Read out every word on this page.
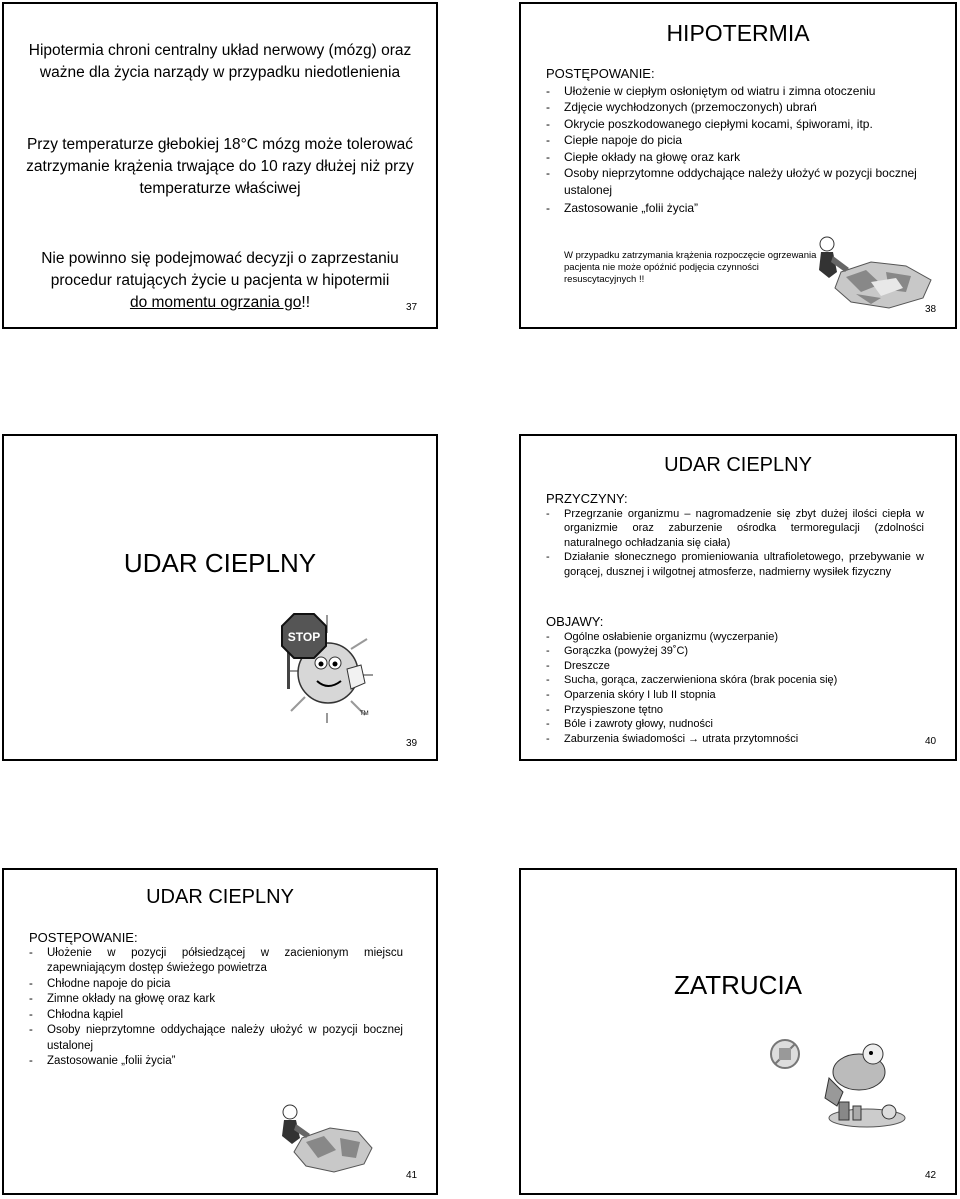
Hipotermia chroni centralny układ nerwowy (mózg) oraz
ważne dla życia narządy w przypadku niedotlenienia
Przy temperaturze głebokiej 18°C mózg może tolerować
zatrzymanie krążenia trwające do 10 razy dłużej niż przy
temperaturze właściwej
Nie powinno się podejmować decyzji o zaprzestaniu
procedur ratujących życie u pacjenta w hipotermii
do momentu ogrzania go!!	37
HIPOTERMIA
POSTĘPOWANIE:
- Ułożenie w ciepłym osłoniętym od wiatru i zimna otoczeniu
- Zdjęcie wychłodzonych (przemoczonych) ubrań
- Okrycie poszkodowanego ciepłymi kocami, śpiworami, itp.
- Ciepłe napoje do picia
- Ciepłe okłady na głowę oraz kark
- Osoby nieprzytomne oddychające należy ułożyć w pozycji bocznej ustalonej
- Zastosowanie „folii życia”
W przypadku zatrzymania krążenia rozpoczęcie ogrzewania pacjenta nie może opóźnić podjęcia czynności resuscytacyjnych !!
38
UDAR CIEPLNY
STOP
TM
39
UDAR CIEPLNY
PRZYCZYNY:
- Przegrzanie organizmu – nagromadzenie się zbyt dużej ilości ciepła w organizmie oraz zaburzenie ośrodka termoregulacji (zdolności naturalnego ochładzania się ciała)
- Działanie słonecznego promieniowania ultrafioletowego, przebywanie w gorącej, dusznej i wilgotnej atmosferze, nadmierny wysiłek fizyczny
OBJAWY:
- Ogólne osłabienie organizmu (wyczerpanie)
- Gorączka (powyżej 39˚C)
- Dreszcze
- Sucha, gorąca, zaczerwieniona skóra (brak pocenia się)
- Oparzenia skóry I lub II stopnia
- Przyspieszone tętno
- Bóle i zawroty głowy, nudności
- Zaburzenia świadomości → utrata przytomności	40
UDAR CIEPLNY
POSTĘPOWANIE:
- Ułożenie w pozycji półsiedzącej w zacienionym miejscu zapewniającym dostęp świeżego powietrza
- Chłodne napoje do picia
- Zimne okłady na głowę oraz kark
- Chłodna kąpiel
- Osoby nieprzytomne oddychające należy ułożyć w pozycji bocznej ustalonej
- Zastosowanie „folii życia”
41
ZATRUCIA
42
